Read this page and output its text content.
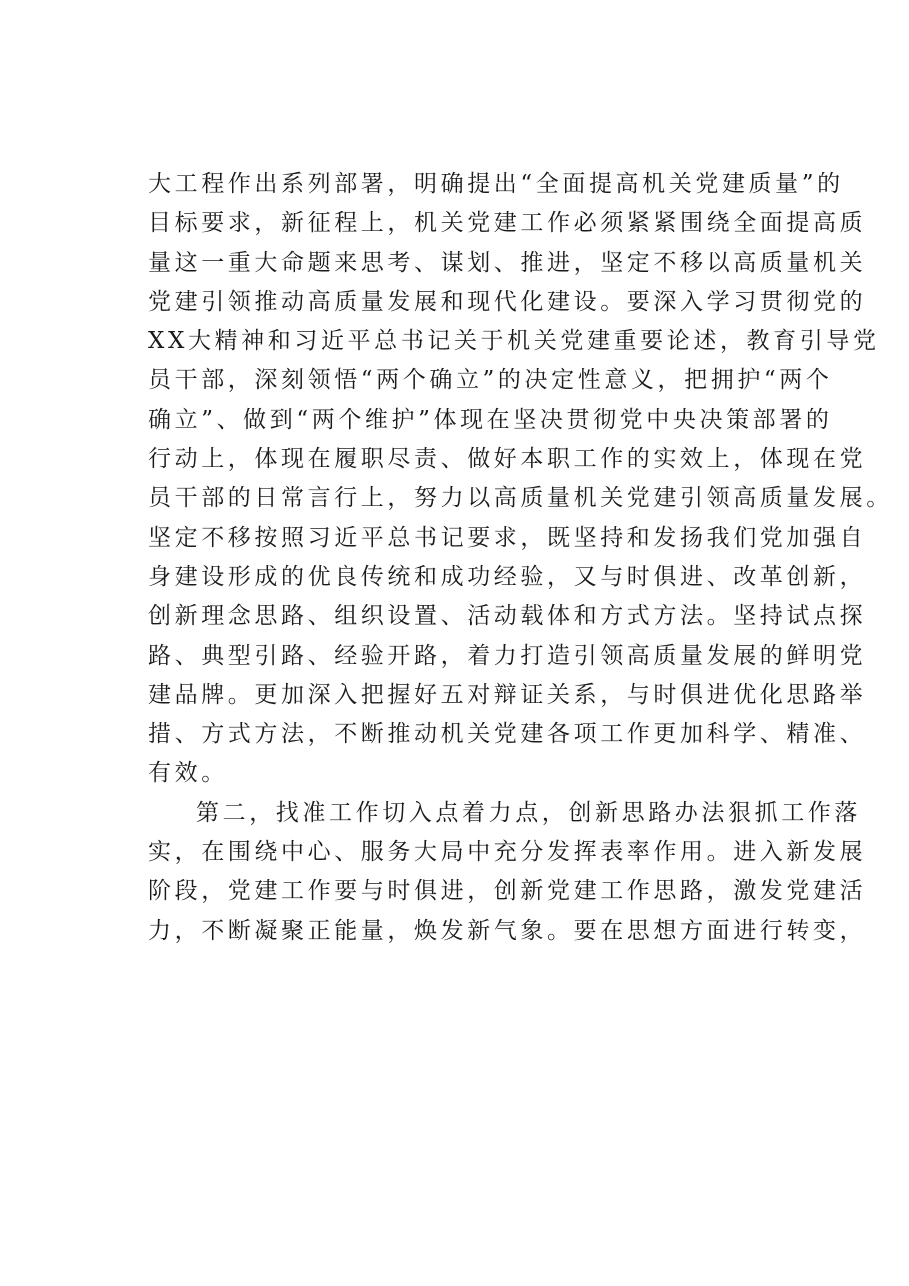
大工程作出系列部署，明确提出“全面提高机关党建质量”的
目标要求，新征程上，机关党建工作必须紧紧围绕全面提高质
量这一重大命题来思考、谋划、推进，坚定不移以高质量机关
党建引领推动高质量发展和现代化建设。要深入学习贯彻党的
XX大精神和习近平总书记关于机关党建重要论述，教育引导党
员干部，深刻领悟“两个确立”的决定性意义，把拥护“两个
确立”、做到“两个维护”体现在坚决贯彻党中央决策部署的
行动上，体现在履职尽责、做好本职工作的实效上，体现在党
员干部的日常言行上，努力以高质量机关党建引领高质量发展。
坚定不移按照习近平总书记要求，既坚持和发扬我们党加强自
身建设形成的优良传统和成功经验，又与时俱进、改革创新，
创新理念思路、组织设置、活动载体和方式方法。坚持试点探
路、典型引路、经验开路，着力打造引领高质量发展的鲜明党
建品牌。更加深入把握好五对辩证关系，与时俱进优化思路举
措、方式方法，不断推动机关党建各项工作更加科学、精准、
有效。
第二，找准工作切入点着力点，创新思路办法狠抓工作落
实，在围绕中心、服务大局中充分发挥表率作用。进入新发展
阶段，党建工作要与时俱进，创新党建工作思路，激发党建活
力，不断凝聚正能量，焕发新气象。要在思想方面进行转变，
